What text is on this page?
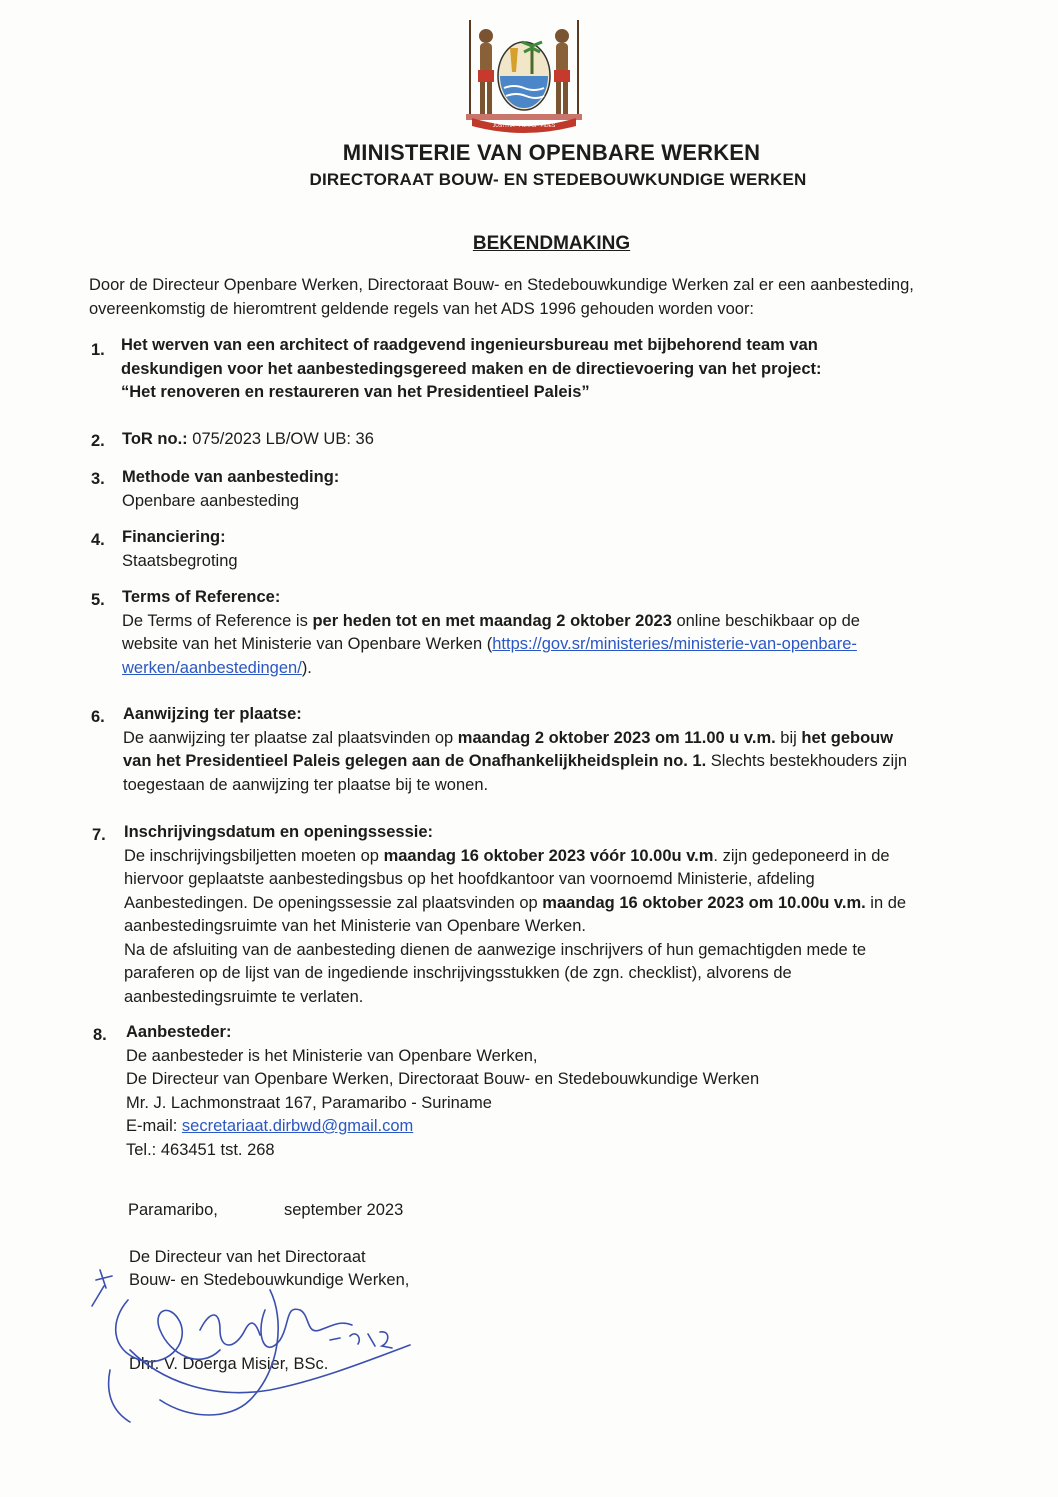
JUSTITIA · PIETAS · FIDES
MINISTERIE VAN OPENBARE WERKEN
DIRECTORAAT BOUW- EN STEDEBOUWKUNDIGE WERKEN
BEKENDMAKING
Door de Directeur Openbare Werken, Directoraat Bouw- en Stedebouwkundige Werken zal er een aanbesteding, overeenkomstig de hieromtrent geldende regels van het ADS 1996 gehouden worden voor:
1. Het werven van een architect of raadgevend ingenieursbureau met bijbehorend team van
deskundigen voor het aanbestedingsgereed maken en de directievoering van het project:
“Het renoveren en restaureren van het Presidentieel Paleis”
2. ToR no.: 075/2023 LB/OW UB: 36
3. Methode van aanbesteding:
Openbare aanbesteding
4. Financiering:
Staatsbegroting
5. Terms of Reference:
De Terms of Reference is per heden tot en met maandag 2 oktober 2023 online beschikbaar op de
website van het Ministerie van Openbare Werken (https://gov.sr/ministeries/ministerie-van-openbare-
werken/aanbestedingen/).
6. Aanwijzing ter plaatse:
De aanwijzing ter plaatse zal plaatsvinden op maandag 2 oktober 2023 om 11.00 u v.m. bij het gebouw
van het Presidentieel Paleis gelegen aan de Onafhankelijkheidsplein no. 1. Slechts bestekhouders zijn
toegestaan de aanwijzing ter plaatse bij te wonen.
7. Inschrijvingsdatum en openingssessie:
De inschrijvingsbiljetten moeten op maandag 16 oktober 2023 vóór 10.00u v.m. zijn gedeponeerd in de
hiervoor geplaatste aanbestedingsbus op het hoofdkantoor van voornoemd Ministerie, afdeling
Aanbestedingen. De openingssessie zal plaatsvinden op maandag 16 oktober 2023 om 10.00u v.m. in de
aanbestedingsruimte van het Ministerie van Openbare Werken.
Na de afsluiting van de aanbesteding dienen de aanwezige inschrijvers of hun gemachtigden mede te
paraferen op de lijst van de ingediende inschrijvingsstukken (de zgn. checklist), alvorens de
aanbestedingsruimte te verlaten.
8. Aanbesteder:
De aanbesteder is het Ministerie van Openbare Werken,
De Directeur van Openbare Werken, Directoraat Bouw- en Stedebouwkundige Werken
Mr. J. Lachmonstraat 167, Paramaribo - Suriname
E-mail: secretariaat.dirbwd@gmail.com
Tel.: 463451 tst. 268
Paramaribo,	september 2023
De Directeur van het Directoraat
Bouw- en Stedebouwkundige Werken,
Dhr. V. Doerga Misier, BSc.
